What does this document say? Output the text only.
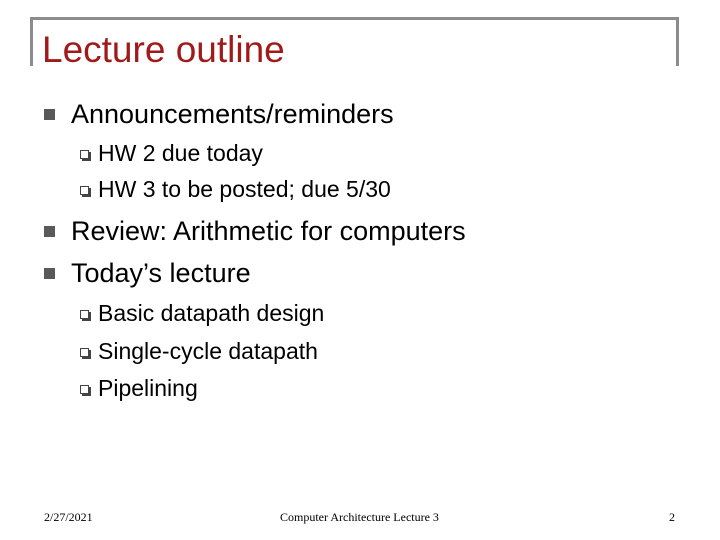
Lecture outline
Announcements/reminders
HW 2 due today
HW 3 to be posted; due 5/30
Review: Arithmetic for computers
Today’s lecture
Basic datapath design
Single-cycle datapath
Pipelining
2/27/2021	Computer Architecture Lecture 3	2
